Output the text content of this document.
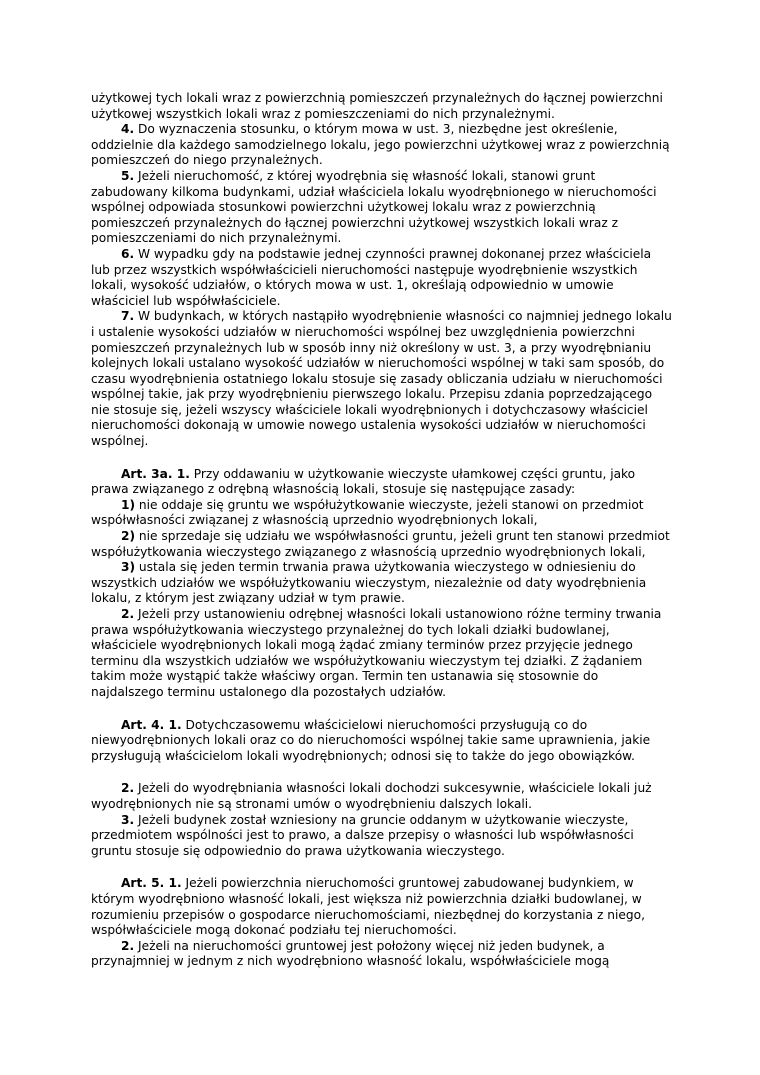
użytkowej tych lokali wraz z powierzchnią pomieszczeń przynależnych do łącznej powierzchni użytkowej wszystkich lokali wraz z pomieszczeniami do nich przynależnymi.

4. Do wyznaczenia stosunku, o którym mowa w ust. 3, niezbędne jest określenie, oddzielnie dla każdego samodzielnego lokalu, jego powierzchni użytkowej wraz z powierzchnią pomieszczeń do niego przynależnych.

5. Jeżeli nieruchomość, z której wyodrębnia się własność lokali, stanowi grunt zabudowany kilkoma budynkami, udział właściciela lokalu wyodrębnionego w nieruchomości wspólnej odpowiada stosunkowi powierzchni użytkowej lokalu wraz z powierzchnią pomieszczeń przynależnych do łącznej powierzchni użytkowej wszystkich lokali wraz z pomieszczeniami do nich przynależnymi.

6. W wypadku gdy na podstawie jednej czynności prawnej dokonanej przez właściciela lub przez wszystkich współwłaścicieli nieruchomości następuje wyodrębnienie wszystkich lokali, wysokość udziałów, o których mowa w ust. 1, określają odpowiednio w umowie właściciel lub współwłaściciele.

7. W budynkach, w których nastąpiło wyodrębnienie własności co najmniej jednego lokalu i ustalenie wysokości udziałów w nieruchomości wspólnej bez uwzględnienia powierzchni pomieszczeń przynależnych lub w sposób inny niż określony w ust. 3, a przy wyodrębnianiu kolejnych lokali ustalano wysokość udziałów w nieruchomości wspólnej w taki sam sposób, do czasu wyodrębnienia ostatniego lokalu stosuje się zasady obliczania udziału w nieruchomości wspólnej takie, jak przy wyodrębnieniu pierwszego lokalu. Przepisu zdania poprzedzającego nie stosuje się, jeżeli wszyscy właściciele lokali wyodrębnionych i dotychczasowy właściciel nieruchomości dokonają w umowie nowego ustalenia wysokości udziałów w nieruchomości wspólnej.

Art. 3a. 1. Przy oddawaniu w użytkowanie wieczyste ułamkowej części gruntu, jako prawa związanego z odrębną własnością lokali, stosuje się następujące zasady:

1) nie oddaje się gruntu we współużytkowanie wieczyste, jeżeli stanowi on przedmiot współwłasności związanej z własnością uprzednio wyodrębnionych lokali,

2) nie sprzedaje się udziału we współwłasności gruntu, jeżeli grunt ten stanowi przedmiot współużytkowania wieczystego związanego z własnością uprzednio wyodrębnionych lokali,

3) ustala się jeden termin trwania prawa użytkowania wieczystego w odniesieniu do wszystkich udziałów we współużytkowaniu wieczystym, niezależnie od daty wyodrębnienia lokalu, z którym jest związany udział w tym prawie.

2. Jeżeli przy ustanowieniu odrębnej własności lokali ustanowiono różne terminy trwania prawa współużytkowania wieczystego przynależnej do tych lokali działki budowlanej, właściciele wyodrębnionych lokali mogą żądać zmiany terminów przez przyjęcie jednego terminu dla wszystkich udziałów we współużytkowaniu wieczystym tej działki. Z żądaniem takim może wystąpić także właściwy organ. Termin ten ustanawia się stosownie do najdalszego terminu ustalonego dla pozostałych udziałów.

Art. 4. 1. Dotychczasowemu właścicielowi nieruchomości przysługują co do niewyodrębnionych lokali oraz co do nieruchomości wspólnej takie same uprawnienia, jakie przysługują właścicielom lokali wyodrębnionych; odnosi się to także do jego obowiązków.

2. Jeżeli do wyodrębniania własności lokali dochodzi sukcesywnie, właściciele lokali już wyodrębnionych nie są stronami umów o wyodrębnieniu dalszych lokali.

3. Jeżeli budynek został wzniesiony na gruncie oddanym w użytkowanie wieczyste, przedmiotem wspólności jest to prawo, a dalsze przepisy o własności lub współwłasności gruntu stosuje się odpowiednio do prawa użytkowania wieczystego.

Art. 5. 1. Jeżeli powierzchnia nieruchomości gruntowej zabudowanej budynkiem, w którym wyodrębniono własność lokali, jest większa niż powierzchnia działki budowlanej, w rozumieniu przepisów o gospodarce nieruchomościami, niezbędnej do korzystania z niego, współwłaściciele mogą dokonać podziału tej nieruchomości.

2. Jeżeli na nieruchomości gruntowej jest położony więcej niż jeden budynek, a przynajmniej w jednym z nich wyodrębniono własność lokalu, współwłaściciele mogą
